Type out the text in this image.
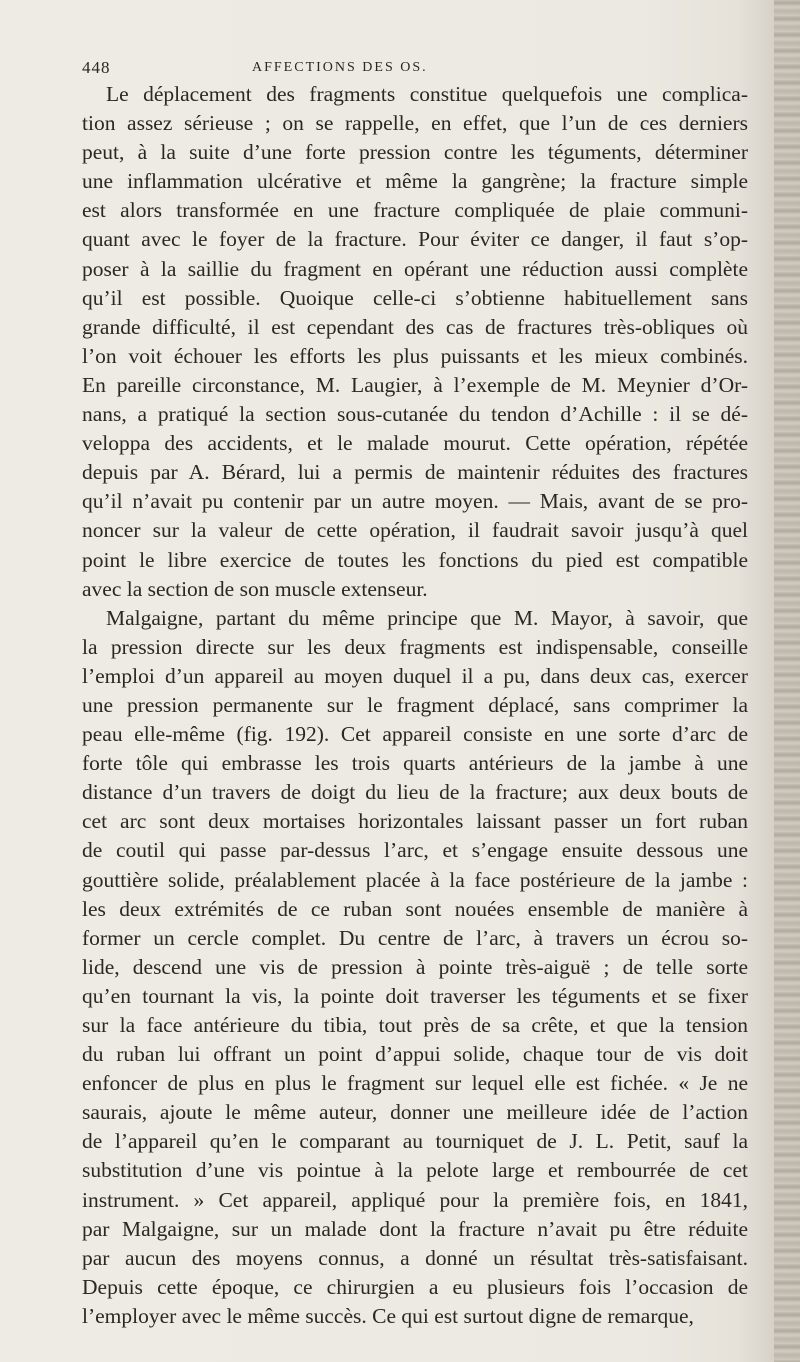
448	AFFECTIONS DES OS.
Le déplacement des fragments constitue quelquefois une complica-
tion assez sérieuse ; on se rappelle, en effet, que l’un de ces derniers
peut, à la suite d’une forte pression contre les téguments, déterminer
une inflammation ulcérative et même la gangrène; la fracture simple
est alors transformée en une fracture compliquée de plaie communi-
quant avec le foyer de la fracture. Pour éviter ce danger, il faut s’op-
poser à la saillie du fragment en opérant une réduction aussi complète
qu’il est possible. Quoique celle-ci s’obtienne habituellement sans
grande difficulté, il est cependant des cas de fractures très-obliques où
l’on voit échouer les efforts les plus puissants et les mieux combinés.
En pareille circonstance, M. Laugier, à l’exemple de M. Meynier d’Or-
nans, a pratiqué la section sous-cutanée du tendon d’Achille : il se dé-
veloppa des accidents, et le malade mourut. Cette opération, répétée
depuis par A. Bérard, lui a permis de maintenir réduites des fractures
qu’il n’avait pu contenir par un autre moyen. — Mais, avant de se pro-
noncer sur la valeur de cette opération, il faudrait savoir jusqu’à quel
point le libre exercice de toutes les fonctions du pied est compatible
avec la section de son muscle extenseur.
Malgaigne, partant du même principe que M. Mayor, à savoir, que
la pression directe sur les deux fragments est indispensable, conseille
l’emploi d’un appareil au moyen duquel il a pu, dans deux cas, exercer
une pression permanente sur le fragment déplacé, sans comprimer la
peau elle-même (fig. 192). Cet appareil consiste en une sorte d’arc de
forte tôle qui embrasse les trois quarts antérieurs de la jambe à une
distance d’un travers de doigt du lieu de la fracture; aux deux bouts de
cet arc sont deux mortaises horizontales laissant passer un fort ruban
de coutil qui passe par-dessus l’arc, et s’engage ensuite dessous une
gouttière solide, préalablement placée à la face postérieure de la jambe :
les deux extrémités de ce ruban sont nouées ensemble de manière à
former un cercle complet. Du centre de l’arc, à travers un écrou so-
lide, descend une vis de pression à pointe très-aiguë ; de telle sorte
qu’en tournant la vis, la pointe doit traverser les téguments et se fixer
sur la face antérieure du tibia, tout près de sa crête, et que la tension
du ruban lui offrant un point d’appui solide, chaque tour de vis doit
enfoncer de plus en plus le fragment sur lequel elle est fichée. « Je ne
saurais, ajoute le même auteur, donner une meilleure idée de l’action
de l’appareil qu’en le comparant au tourniquet de J. L. Petit, sauf la
substitution d’une vis pointue à la pelote large et rembourrée de cet
instrument. » Cet appareil, appliqué pour la première fois, en 1841,
par Malgaigne, sur un malade dont la fracture n’avait pu être réduite
par aucun des moyens connus, a donné un résultat très-satisfaisant.
Depuis cette époque, ce chirurgien a eu plusieurs fois l’occasion de
l’employer avec le même succès. Ce qui est surtout digne de remarque,
